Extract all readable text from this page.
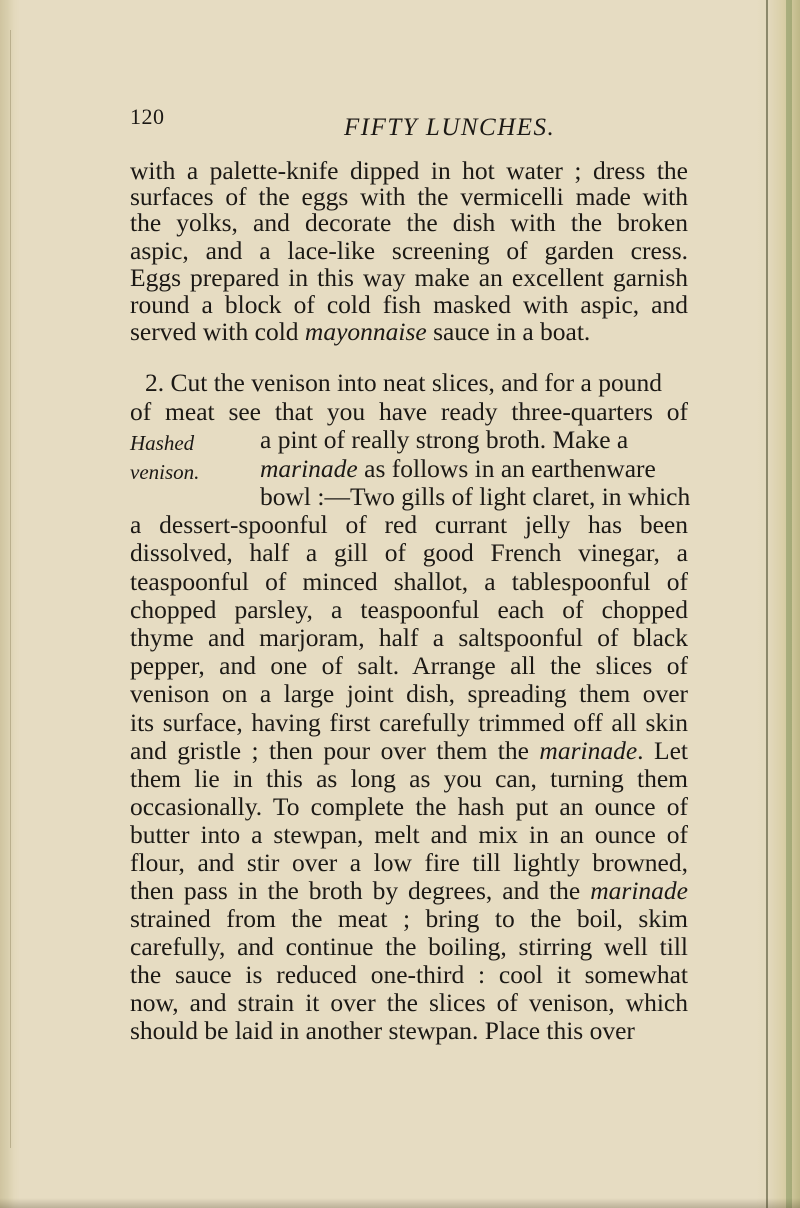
120	FIFTY LUNCHES.

with a palette-knife dipped in hot water ; dress the

surfaces of the eggs with the vermicelli made with

the yolks, and decorate the dish with the broken

aspic, and a lace-like screening of garden cress.

Eggs prepared in this way make an excellent garnish

round a block of cold fish masked with aspic, and

served with cold mayonnaise sauce in a boat.

2. Cut the venison into neat slices, and for a pound

of meat see that you have ready three-quarters of

Hashed

venison.

a pint of really strong broth. Make a

marinade as follows in an earthenware

bowl :—Two gills of light claret, in which

a dessert-spoonful of red currant jelly has been

dissolved, half a gill of good French vinegar, a

teaspoonful of minced shallot, a tablespoonful of

chopped parsley, a teaspoonful each of chopped

thyme and marjoram, half a saltspoonful of black

pepper, and one of salt. Arrange all the slices of

venison on a large joint dish, spreading them over

its surface, having first carefully trimmed off all skin

and gristle ; then pour over them the marinade. Let

them lie in this as long as you can, turning them

occasionally. To complete the hash put an ounce of

butter into a stewpan, melt and mix in an ounce of

flour, and stir over a low fire till lightly browned,

then pass in the broth by degrees, and the marinade

strained from the meat ; bring to the boil, skim

carefully, and continue the boiling, stirring well till

the sauce is reduced one-third : cool it somewhat

now, and strain it over the slices of venison, which

should be laid in another stewpan. Place this over
